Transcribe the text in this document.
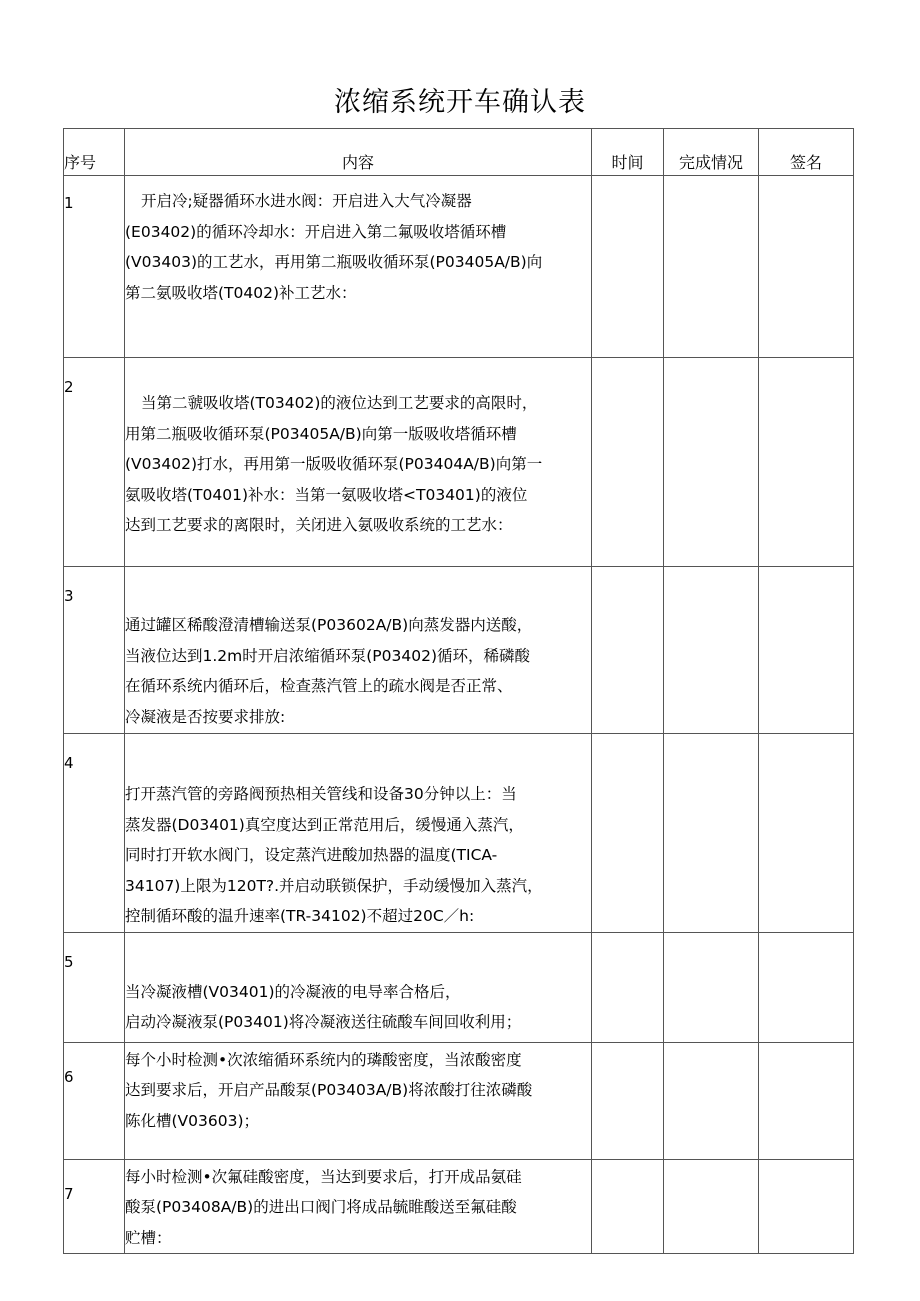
浓缩系统开车确认表
序号	内容	时间	完成情况	签名
1	开启冷;疑器循环水进水阀：开启进入大气冷凝器
(E03402)的循环冷却水：开启进入第二氟吸收塔循环槽
(V03403)的工艺水，再用第二瓶吸收循环泵(P03405A/B)向
第二氨吸收塔(T0402)补工艺水：			

2	当第二虢吸收塔(T03402)的液位达到工艺要求的高限时，
用第二瓶吸收循环泵(P03405A/B)向第一版吸收塔循环槽
(V03402)打水，再用第一版吸收循环泵(P03404A/B)向第一
氨吸收塔(T0401)补水：当第一氨吸收塔<T03401)的液位
达到工艺要求的离限时，关闭进入氨吸收系统的工艺水：			

3	通过罐区稀酸澄清槽输送泵(P03602A/B)向蒸发器内送酸，
当液位达到1.2m时开启浓缩循环泵(P03402)循环，稀磷酸
在循环系统内循环后，检查蒸汽管上的疏水阀是否正常、
冷凝液是否按要求排放:			

4	打开蒸汽管的旁路阀预热相关管线和设备30分钟以上：当
蒸发器(D03401)真空度达到正常范用后，缓慢通入蒸汽，
同时打开软水阀门，设定蒸汽进酸加热器的温度(TICA-
34107)上限为120T?.并启动联锁保护，手动缓慢加入蒸汽，
控制循环酸的温升速率(TR-34102)不超过20C／h:			

5	当冷凝液槽(V03401)的冷凝液的电导率合格后，
启动冷凝液泵(P03401)将冷凝液送往硫酸车间回收利用；			

6	每个小时检测•次浓缩循环系统内的璘酸密度，当浓酸密度
达到要求后，开启产品酸泵(P03403A/B)将浓酸打往浓磷酸
陈化槽(V03603)；			

7	每小时检测•次氟硅酸密度，当达到要求后，打开成品氨硅
酸泵(P03408A/B)的进出口阀门将成品毓睢酸送至氟硅酸
贮槽：			
